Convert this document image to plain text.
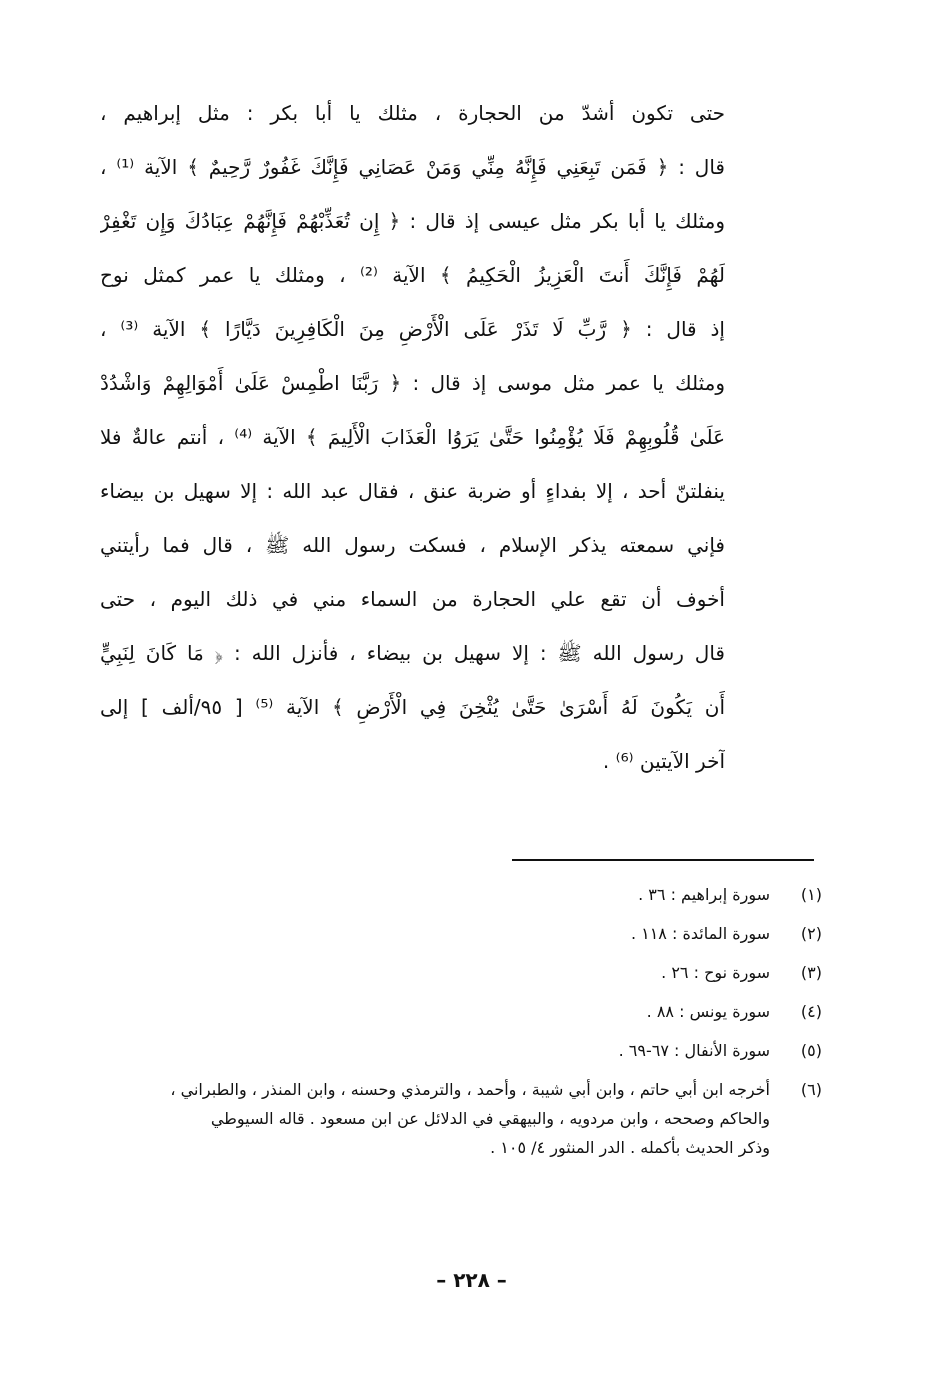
حتى تكون أشدّ من الحجارة ، مثلك يا أبا بكر : مثل إبراهيم ،
قال : ﴿ فَمَن تَبِعَنِي فَإِنَّهُ مِنِّي وَمَنْ عَصَانِي فَإِنَّكَ غَفُورٌ رَّحِيمٌ ﴾ الآية ⁽¹⁾ ،
ومثلك يا أبا بكر مثل عيسى إذ قال : ﴿ إِن تُعَذِّبْهُمْ فَإِنَّهُمْ عِبَادُكَ وَإِن تَغْفِرْ
لَهُمْ فَإِنَّكَ أَنتَ الْعَزِيزُ الْحَكِيمُ ﴾ الآية ⁽²⁾ ، ومثلك يا عمر كمثل نوح
إذ قال : ﴿ رَّبِّ لَا تَذَرْ عَلَى الْأَرْضِ مِنَ الْكَافِرِينَ دَيَّارًا ﴾ الآية ⁽³⁾ ،
ومثلك يا عمر مثل موسى إذ قال : ﴿ رَبَّنَا اطْمِسْ عَلَىٰ أَمْوَالِهِمْ وَاشْدُدْ
عَلَىٰ قُلُوبِهِمْ فَلَا يُؤْمِنُوا حَتَّىٰ يَرَوُا الْعَذَابَ الْأَلِيمَ ﴾ الآية ⁽⁴⁾ ، أنتم عالةٌ فلا
ينفلتنّ أحد ، إلا بفداءٍ أو ضربة عنق ، فقال عبد الله : إلا سهيل بن بيضاء
فإني سمعته يذكر الإسلام ، فسكت رسول الله ﷺ ، قال فما رأيتني
أخوف أن تقع علي الحجارة من السماء مني في ذلك اليوم ، حتى
قال رسول الله ﷺ : إلا سهيل بن بيضاء ، فأنزل الله : ﴿ مَا كَانَ لِنَبِيٍّ
أَن يَكُونَ لَهُ أَسْرَىٰ حَتَّىٰ يُثْخِنَ فِي الْأَرْضِ ﴾ الآية ⁽⁵⁾ [ ٩٥/ألف ] إلى
آخر الآيتين ⁽⁶⁾ .
(١)
سورة إبراهيم : ٣٦ .
(٢)
سورة المائدة : ١١٨ .
(٣)
سورة نوح : ٢٦ .
(٤)
سورة يونس : ٨٨ .
(٥)
سورة الأنفال : ٦٧-٦٩ .
(٦)
أخرجه ابن أبي حاتم ، وابن أبي شيبة ، وأحمد ، والترمذي وحسنه ، وابن المنذر ، والطبراني ،
والحاكم وصححه ، وابن مردويه ، والبيهقي في الدلائل عن ابن مسعود . قاله السيوطي
وذكر الحديث بأكمله . الدر المنثور ٤/ ١٠٥ .
– ٢٢٨ –
